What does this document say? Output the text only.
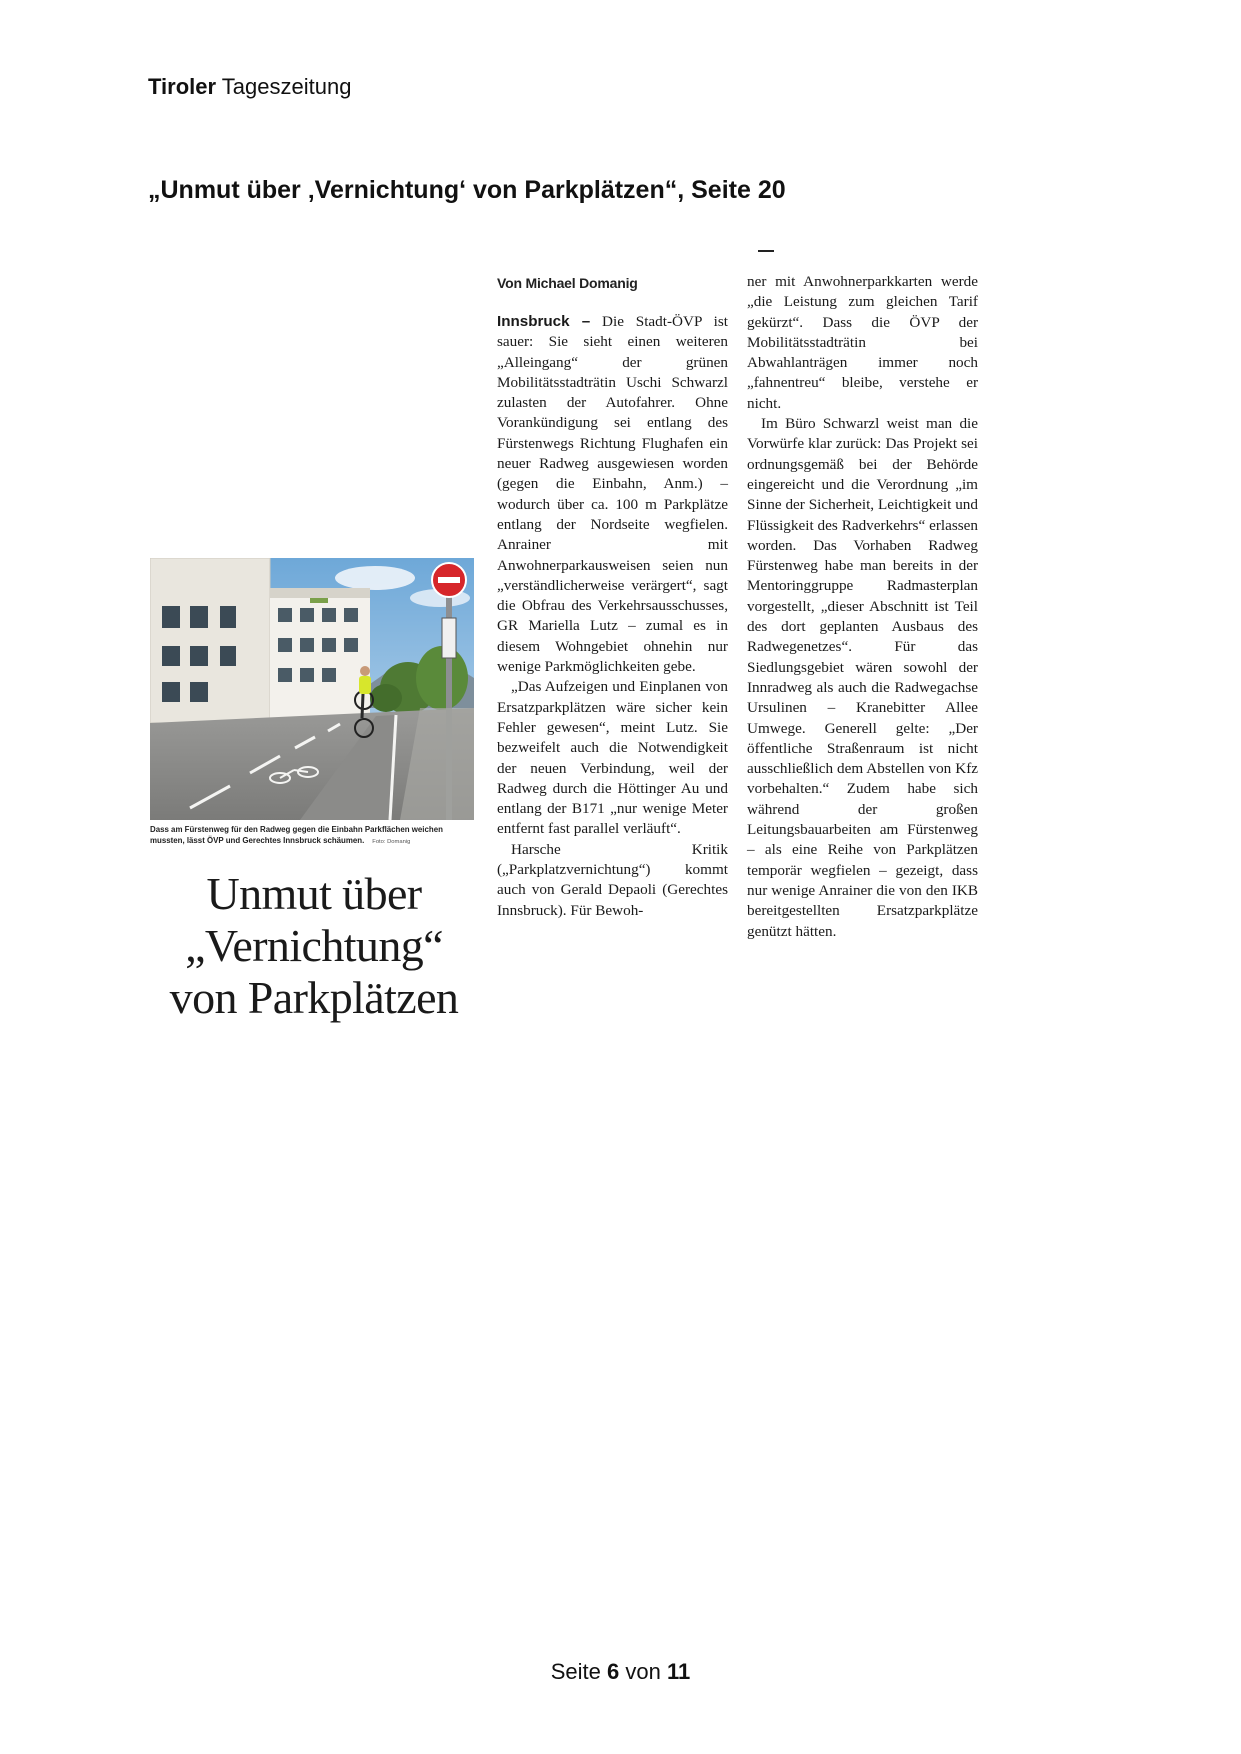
Tiroler Tageszeitung
„Unmut über ‚Vernichtung‘ von Parkplätzen“, Seite 20
Dass am Fürstenweg für den Radweg gegen die Einbahn Parkflächen weichen mussten, lässt ÖVP und Gerechtes Innsbruck schäumen. Foto: Domanig
Unmut über
„Vernichtung“
von Parkplätzen
Von Michael Domanig

Innsbruck – Die Stadt-ÖVP ist sauer: Sie sieht einen weiteren „Alleingang“ der grünen Mobilitätsstadträtin Uschi Schwarzl zulasten der Autofahrer. Ohne Vorankündigung sei entlang des Fürstenwegs Richtung Flughafen ein neuer Radweg ausgewiesen worden (gegen die Einbahn, Anm.) – wodurch über ca. 100 m Parkplätze entlang der Nordseite wegfielen. Anrainer mit Anwohnerparkausweisen seien nun „verständlicherweise verärgert“, sagt die Obfrau des Verkehrsausschusses, GR Mariella Lutz – zumal es in diesem Wohngebiet ohnehin nur wenige Parkmöglichkeiten gebe.

„Das Aufzeigen und Einplanen von Ersatzparkplätzen wäre sicher kein Fehler gewesen“, meint Lutz. Sie bezweifelt auch die Notwendigkeit der neuen Verbindung, weil der Radweg durch die Höttinger Au und entlang der B171 „nur wenige Meter entfernt fast parallel verläuft“.

Harsche Kritik („Parkplatzvernichtung“) kommt auch von Gerald Depaoli (Gerechtes Innsbruck). Für Bewoh-

ner mit Anwohnerparkkarten werde „die Leistung zum gleichen Tarif gekürzt“. Dass die ÖVP der Mobilitätsstadträtin bei Abwahlanträgen immer noch „fahnentreu“ bleibe, verstehe er nicht.

Im Büro Schwarzl weist man die Vorwürfe klar zurück: Das Projekt sei ordnungsgemäß bei der Behörde eingereicht und die Verordnung „im Sinne der Sicherheit, Leichtigkeit und Flüssigkeit des Radverkehrs“ erlassen worden. Das Vorhaben Radweg Fürstenweg habe man bereits in der Mentoringgruppe Radmasterplan vorgestellt, „dieser Abschnitt ist Teil des dort geplanten Ausbaus des Radwegenetzes“. Für das Siedlungsgebiet wären sowohl der Innradweg als auch die Radwegachse Ursulinen – Kranebitter Allee Umwege. Generell gelte: „Der öffentliche Straßenraum ist nicht ausschließlich dem Abstellen von Kfz vorbehalten.“ Zudem habe sich während der großen Leitungsbauarbeiten am Fürstenweg – als eine Reihe von Parkplätzen temporär wegfielen – gezeigt, dass nur wenige Anrainer die von den IKB bereitgestellten Ersatzparkplätze genützt hätten.

Seite 6 von 11
